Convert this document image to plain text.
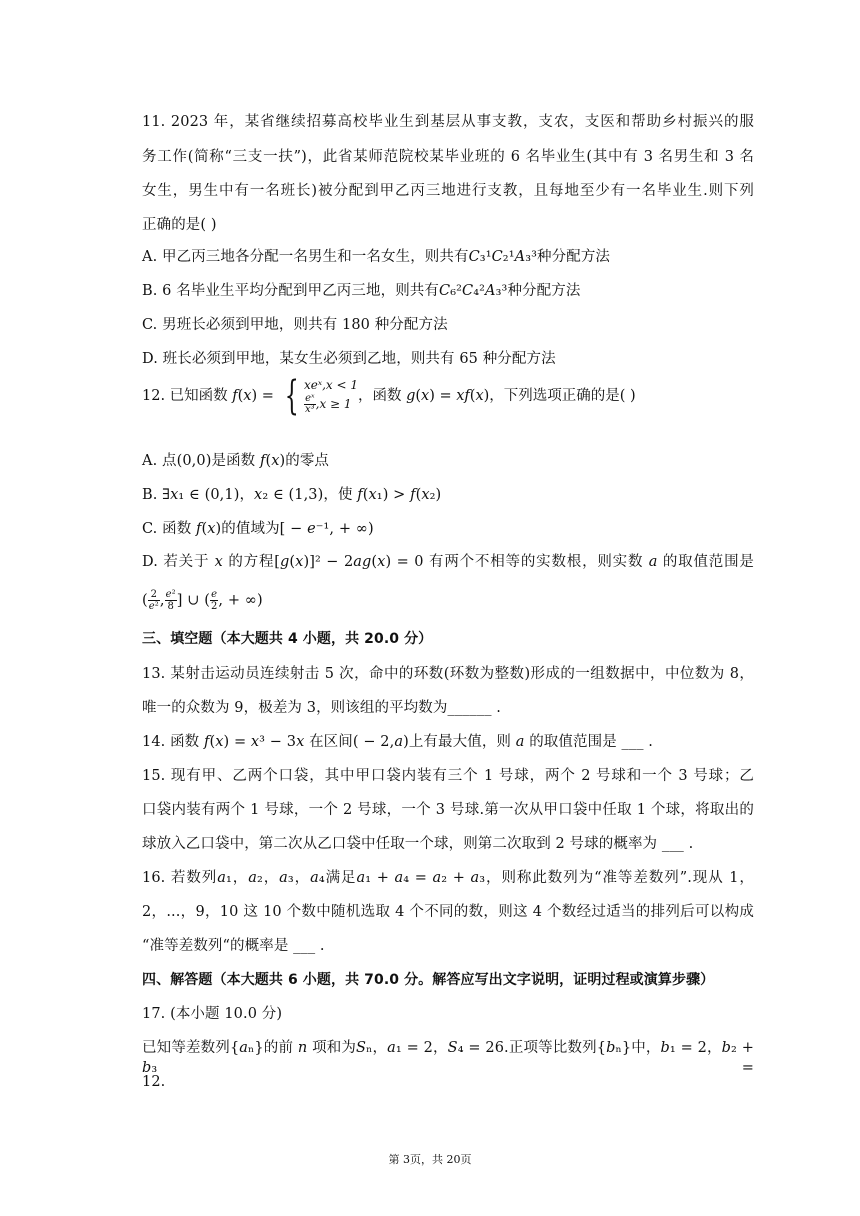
11. 2023 年，某省继续招募高校毕业生到基层从事支教，支农，支医和帮助乡村振兴的服
务工作(简称“三支一扶”)，此省某师范院校某毕业班的 6 名毕业生(其中有 3 名男生和 3 名
女生，男生中有一名班长)被分配到甲乙丙三地进行支教，且每地至少有一名毕业生.则下列
正确的是( )
A. 甲乙丙三地各分配一名男生和一名女生，则共有𝐶₃¹𝐶₂¹𝐴₃³种分配方法
B. 6 名毕业生平均分配到甲乙丙三地，则共有𝐶₆²𝐶₄²𝐴₃³种分配方法
C. 男班长必须到甲地，则共有 180 种分配方法
D. 班长必须到甲地，某女生必须到乙地，则共有 65 种分配方法
12. 已知函数 𝑓(𝑥) = { 𝑥𝑒ˣ,𝑥 < 1
$\frac{\text{𝑒ˣ}}{\text{𝑥³}}$ ,𝑥 ≥ 1 ，函数 𝑔(𝑥) = 𝑥𝑓(𝑥)，下列选项正确的是( )
A. 点(0,0)是函数 𝑓(𝑥)的零点
B. ∃𝑥₁ ∈ (0,1)，𝑥₂ ∈ (1,3)，使 𝑓(𝑥₁) > 𝑓(𝑥₂)
C. 函数 𝑓(𝑥)的值域为[ − 𝑒⁻¹, + ∞)
D. 若关于 𝑥 的方程[𝑔(𝑥)]² − 2𝑎𝑔(𝑥) = 0 有两个不相等的实数根，则实数 𝑎 的取值范围是
( $\frac{2}{\text{𝑒²}}$ , $\frac{\text{𝑒²}}{8}$ ] ∪ ( $\frac{\text{𝑒}}{2}$ , + ∞)
三、填空题（本大题共 4 小题，共 20.0 分）
13. 某射击运动员连续射击 5 次，命中的环数(环数为整数)形成的一组数据中，中位数为 8，
唯一的众数为 9，极差为 3，则该组的平均数为______ .
14. 函数 𝑓(𝑥) = 𝑥³ − 3𝑥 在区间( − 2,𝑎)上有最大值，则 𝑎 的取值范围是 ___ .
15. 现有甲、乙两个口袋，其中甲口袋内装有三个 1 号球，两个 2 号球和一个 3 号球；乙
口袋内装有两个 1 号球，一个 2 号球，一个 3 号球.第一次从甲口袋中任取 1 个球，将取出的
球放入乙口袋中，第二次从乙口袋中任取一个球，则第二次取到 2 号球的概率为 ___ .
16. 若数列𝑎₁，𝑎₂，𝑎₃，𝑎₄满足𝑎₁ + 𝑎₄ = 𝑎₂ + 𝑎₃，则称此数列为“准等差数列”.现从 1，
2，...，9，10 这 10 个数中随机选取 4 个不同的数，则这 4 个数经过适当的排列后可以构成
“准等差数列“的概率是 ___ .
四、解答题（本大题共 6 小题，共 70.0 分。解答应写出文字说明，证明过程或演算步骤）
17. (本小题 10.0 分)
已知等差数列{𝑎ₙ}的前 𝑛 项和为𝑆ₙ，𝑎₁ = 2，𝑆₄ = 26.正项等比数列{𝑏ₙ}中，𝑏₁ = 2，𝑏₂ + 𝑏₃ =
12.
第 3页，共 20页
